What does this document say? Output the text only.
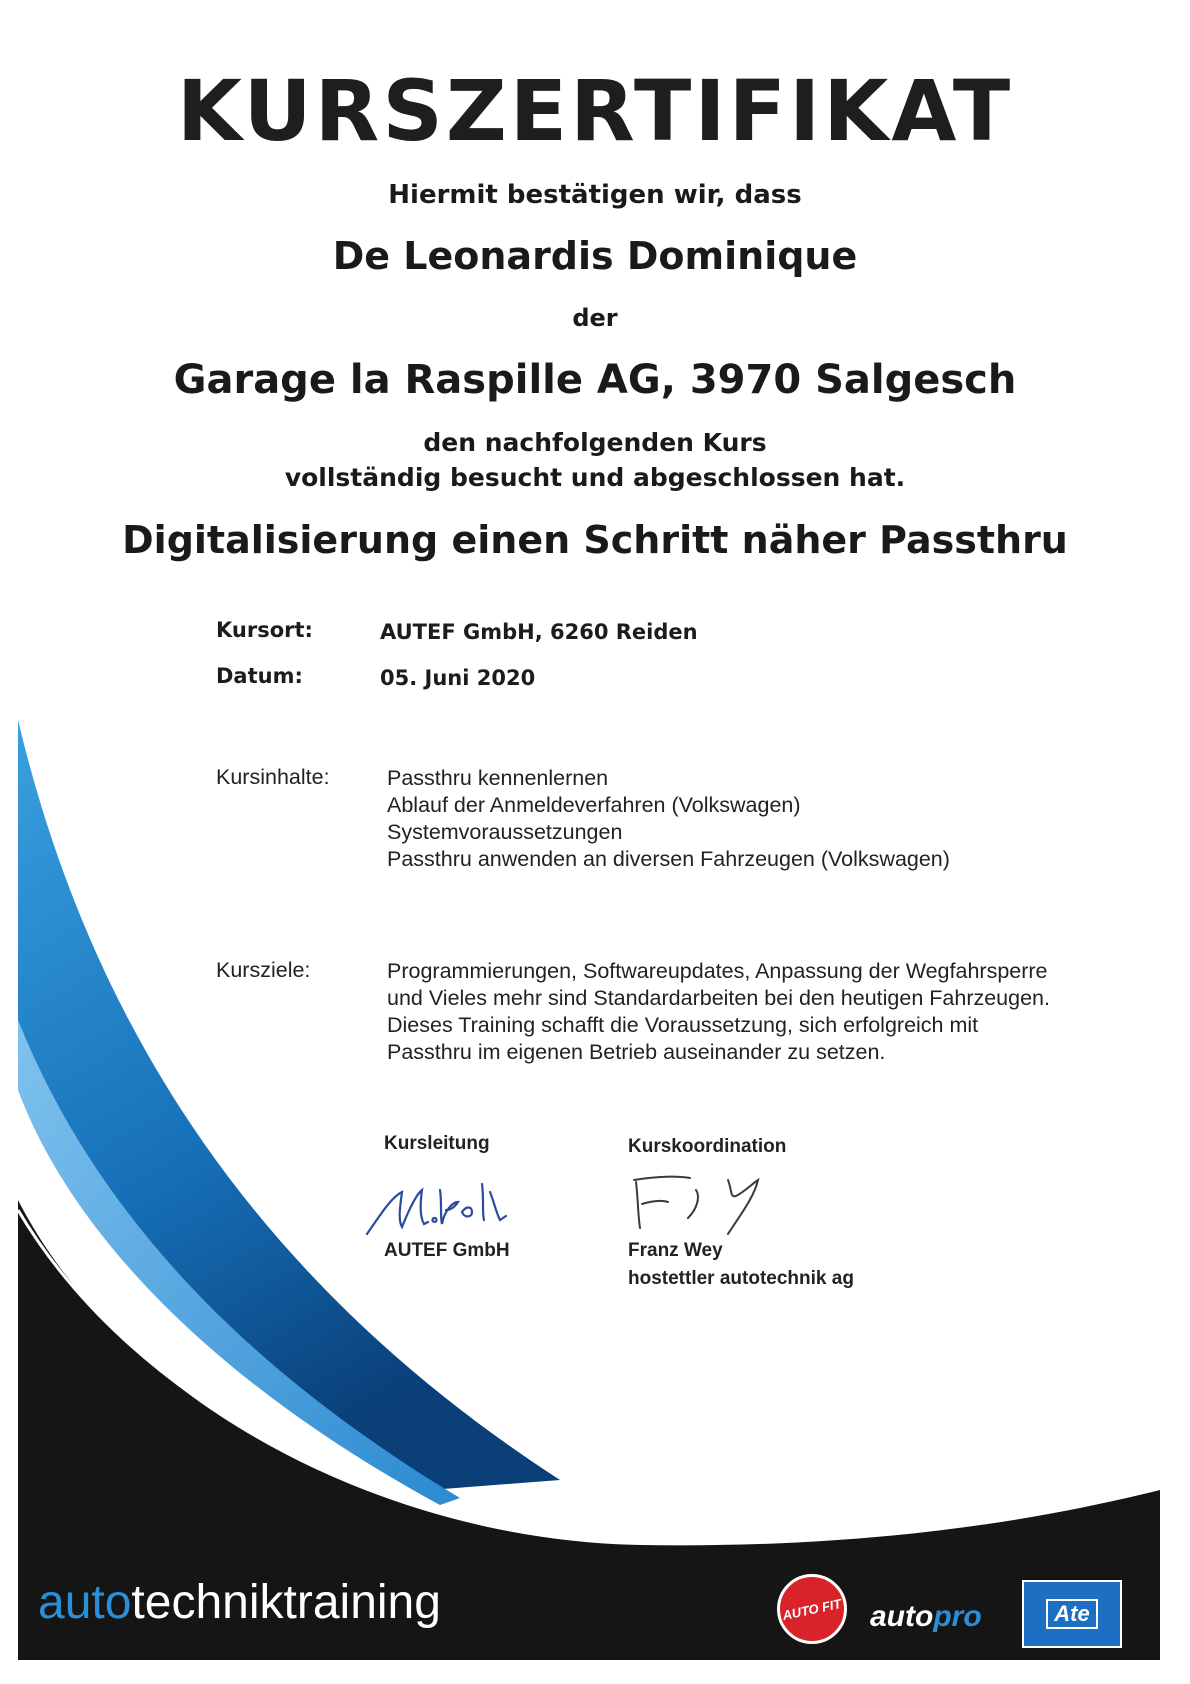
KURSZERTIFIKAT
Hiermit bestätigen wir, dass
De Leonardis Dominique
der
Garage la Raspille AG, 3970 Salgesch
den nachfolgenden Kurs
vollständig besucht und abgeschlossen hat.
Digitalisierung einen Schritt näher Passthru
Kursort:	AUTEF GmbH, 6260 Reiden
Datum:	05. Juni 2020
Kursinhalte:	Passthru kennenlernen
Ablauf der Anmeldeverfahren (Volkswagen)
Systemvoraussetzungen
Passthru anwenden an diversen Fahrzeugen (Volkswagen)
Kursziele:	Programmierungen, Softwareupdates, Anpassung der Wegfahrsperre
und Vieles mehr sind Standardarbeiten bei den heutigen Fahrzeugen.
Dieses Training schafft die Voraussetzung, sich erfolgreich mit
Passthru im eigenen Betrieb auseinander zu setzen.
Kursleitung
AUTEF GmbH
Kurskoordination
Franz Wey
hostettler autotechnik ag
autotechniktraining	AUTO FIT autopro	Ate
